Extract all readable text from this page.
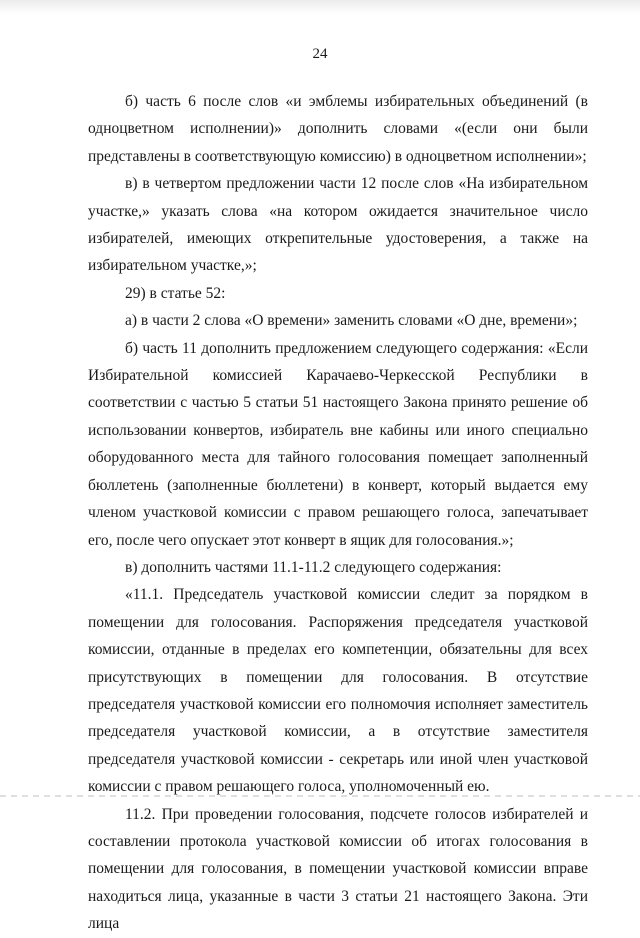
24

б) часть 6 после слов «и эмблемы избирательных объединений (в одноцветном исполнении)» дополнить словами «(если они были представлены в соответствующую комиссию) в одноцветном исполнении»;

в) в четвертом предложении части 12 после слов «На избирательном участке,» указать слова «на котором ожидается значительное число избирателей, имеющих открепительные удостоверения, а также на избирательном участке,»;

29) в статье 52:

а) в части 2 слова «О времени» заменить словами «О дне, времени»;

б) часть 11 дополнить предложением следующего содержания: «Если Избирательной комиссией Карачаево-Черкесской Республики в соответствии с частью 5 статьи 51 настоящего Закона принято решение об использовании конвертов, избиратель вне кабины или иного специально оборудованного места для тайного голосования помещает заполненный бюллетень (заполненные бюллетени) в конверт, который выдается ему членом участковой комиссии с правом решающего голоса, запечатывает его, после чего опускает этот конверт в ящик для голосования.»;

в) дополнить частями 11.1-11.2 следующего содержания:

«11.1. Председатель участковой комиссии следит за порядком в помещении для голосования. Распоряжения председателя участковой комиссии, отданные в пределах его компетенции, обязательны для всех присутствующих в помещении для голосования. В отсутствие председателя участковой комиссии его полномочия исполняет заместитель председателя участковой комиссии, а в отсутствие заместителя председателя участковой комиссии - секретарь или иной член участковой комиссии с правом решающего голоса, уполномоченный ею.

11.2. При проведении голосования, подсчете голосов избирателей и составлении протокола участковой комиссии об итогах голосования в помещении для голосования, в помещении участковой комиссии вправе находиться лица, указанные в части 3 статьи 21 настоящего Закона. Эти лица
